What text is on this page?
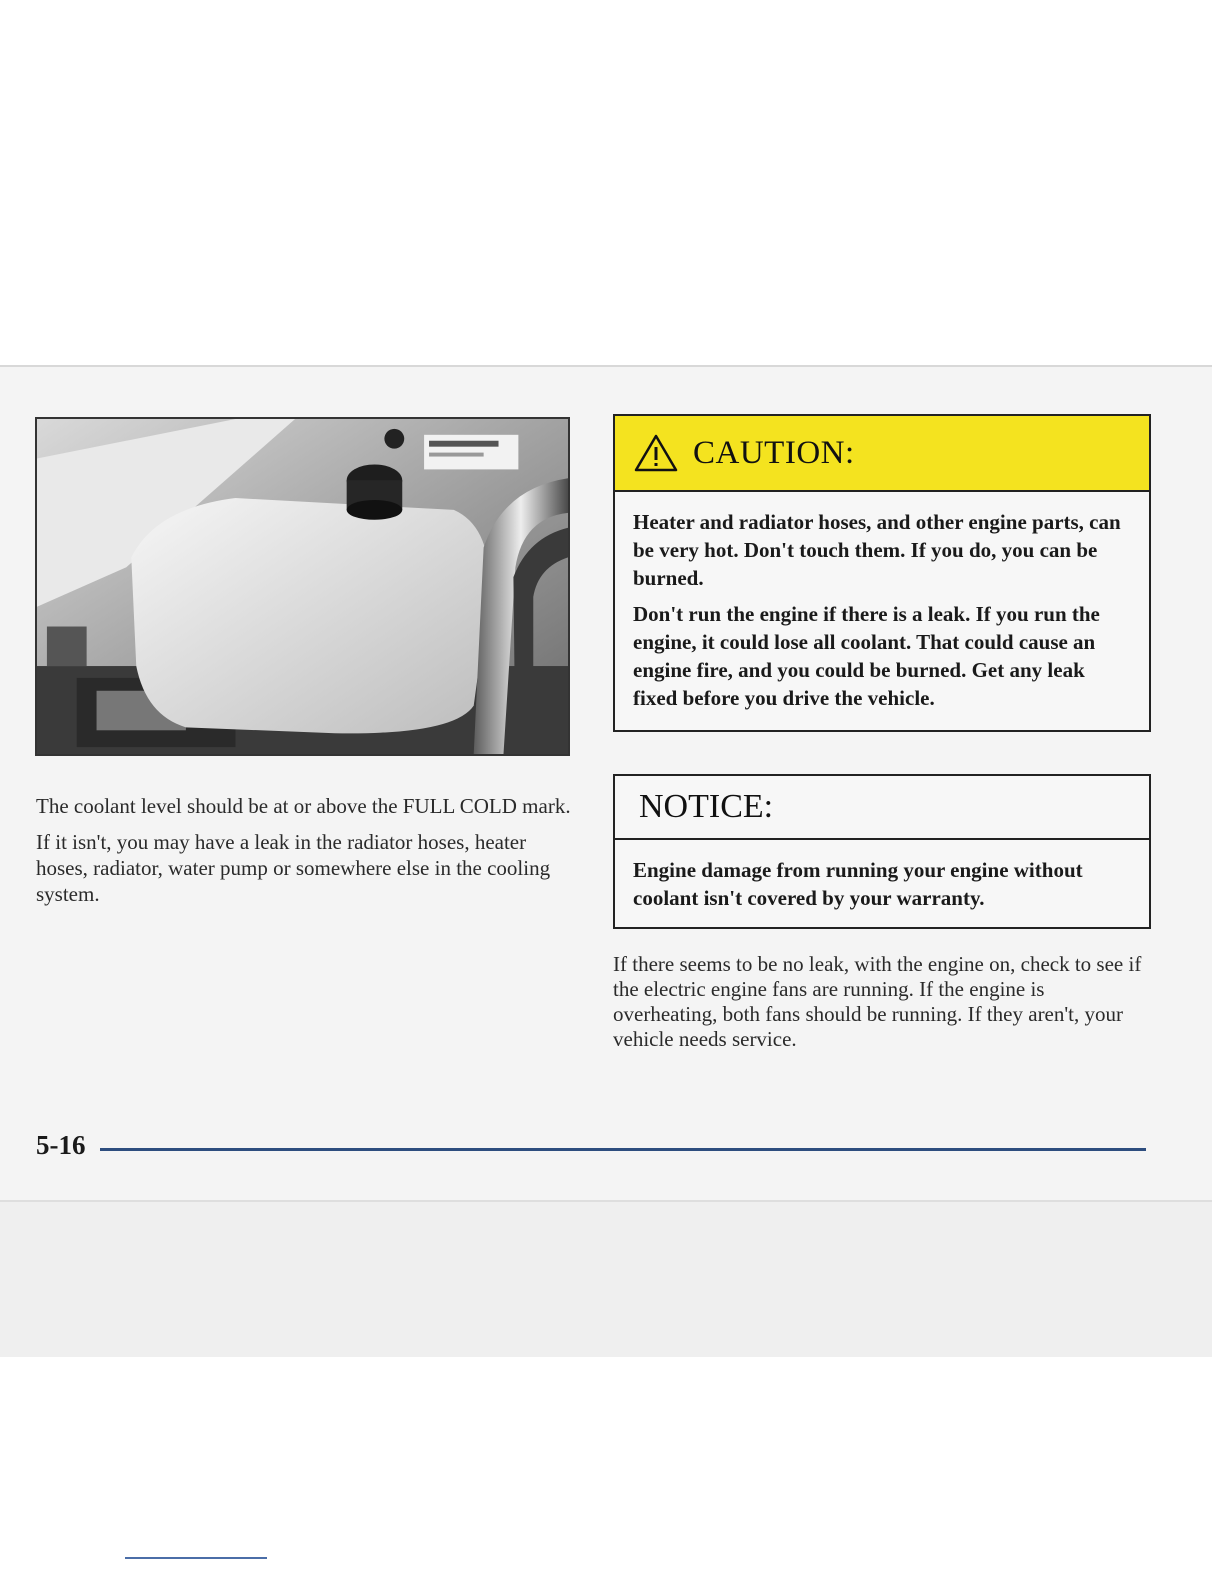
The coolant level should be at or above the FULL COLD mark.

If it isn't, you may have a leak in the radiator hoses, heater hoses, radiator, water pump or somewhere else in the cooling system.

CAUTION:

Heater and radiator hoses, and other engine parts, can be very hot. Don't touch them. If you do, you can be burned.

Don't run the engine if there is a leak. If you run the engine, it could lose all coolant. That could cause an engine fire, and you could be burned. Get any leak fixed before you drive the vehicle.

NOTICE:
Engine damage from running your engine without coolant isn't covered by your warranty.
If there seems to be no leak, with the engine on, check to see if the electric engine fans are running. If the engine is overheating, both fans should be running. If they aren't, your vehicle needs service.
5-16
